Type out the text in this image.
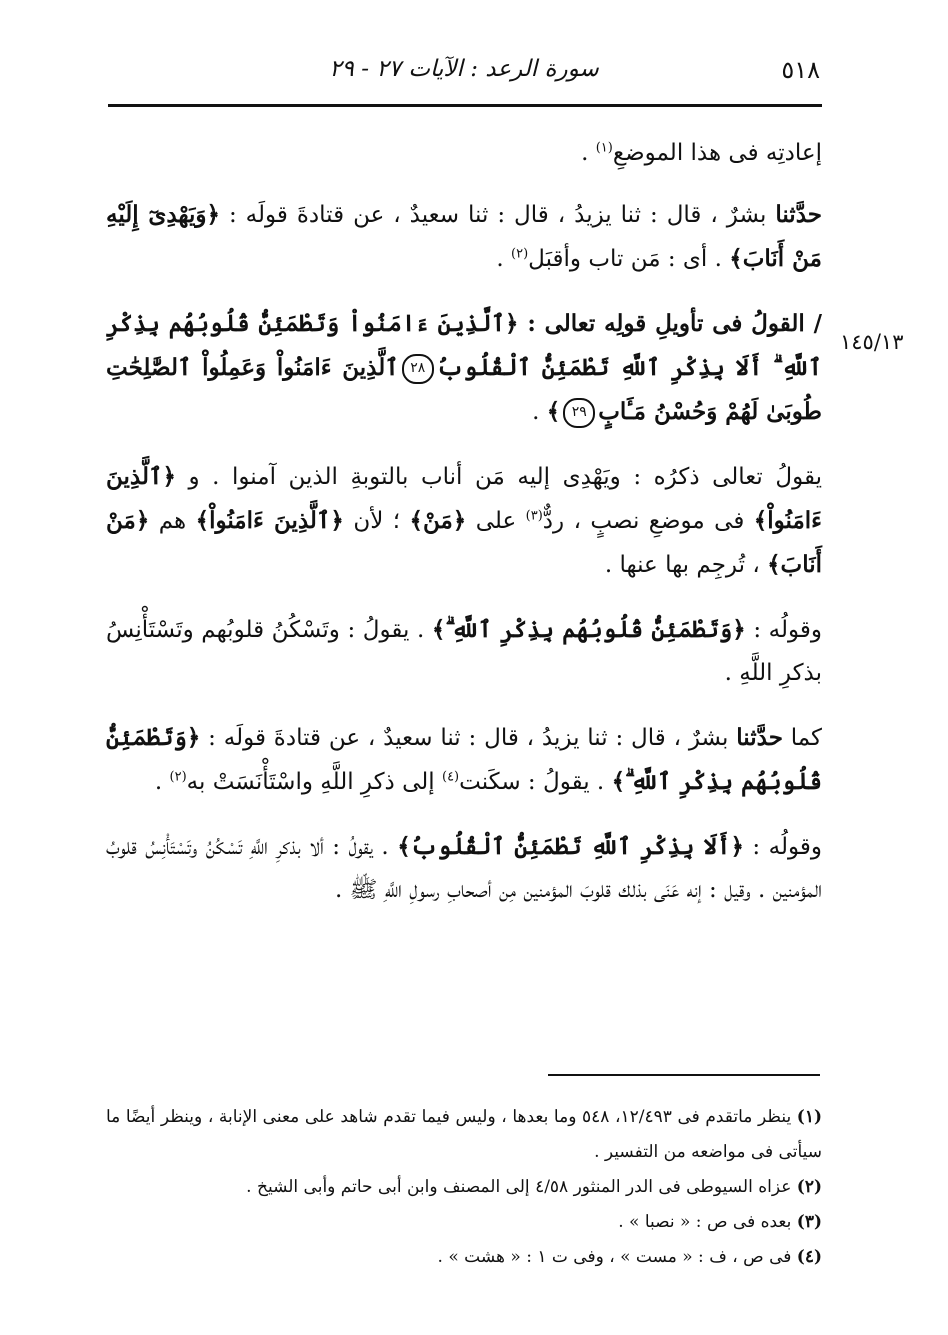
٥١٨
سورة الرعد : الآيات ٢٧ - ٢٩
١٤٥/١٣

إعادتِه فى هذا الموضعِ$^{(١)}$ .

حدَّثنا بشرٌ ، قال : ثنا يزيدُ ، قال : ثنا سعيدٌ ، عن قتادةَ قولَه : ﴿وَيَهْدِىٓ إِلَيْهِ مَنْ أَنَابَ﴾ . أى : مَن تاب وأقبَل$^{(٢)}$ .

/ القولُ فى تأويلِ قولِه تعالى : ﴿ٱلَّذِينَ ءَامَنُواْ وَتَطْمَئِنُّ قُلُوبُهُم بِذِكْرِ ٱللَّهِ ۗ أَلَا بِذِكْرِ ٱللَّهِ تَطْمَئِنُّ ٱلْقُلُوبُ٢٨ٱلَّذِينَ ءَامَنُواْ وَعَمِلُواْ ٱلصَّٰلِحَٰتِ طُوبَىٰ لَهُمْ وَحُسْنُ مَـَٔابٍ٢٩﴾ .

يقولُ تعالى ذكرُه : ويَهْدِى إليه مَن أناب بالتوبةِ الذين آمنوا . و ﴿ٱلَّذِينَ ءَامَنُواْ﴾ فى موضعِ نصبٍ ، ردٌّ$^{(٣)}$ على ﴿مَنْ﴾ ؛ لأن ﴿ٱلَّذِينَ ءَامَنُواْ﴾ هم ﴿مَنْ أَنَابَ﴾ ، تُرجِم بها عنها .

وقولُه : ﴿وَتَطْمَئِنُّ قُلُوبُهُم بِذِكْرِ ٱللَّهِ ۗ﴾ . يقولُ : وتَسْكُنُ قلوبُهم وتَسْتَأْنِسُ بذكرِ اللَّهِ .

كما حدَّثنا بشرٌ ، قال : ثنا يزيدُ ، قال : ثنا سعيدٌ ، عن قتادةَ قولَه : ﴿وَتَطْمَئِنُّ قُلُوبُهُم بِذِكْرِ ٱللَّهِ ۗ﴾ . يقولُ : سكَنت$^{(٤)}$ إلى ذكرِ اللَّهِ واسْتَأْنَسَتْ به$^{(٢)}$ .

وقولُه : ﴿أَلَا بِذِكْرِ ٱللَّهِ تَطْمَئِنُّ ٱلْقُلُوبُ﴾ . يقولُ : ألا بذكرِ اللَّهِ تَسْكُنُ وتَسْتَأْنِسُ قلوبُ المؤمنين . وقيل : إنه عَنَى بذلك قلوبَ المؤمنين مِن أصحابِ رسولِ اللَّهِ ﷺ .

(١) ينظر ماتقدم فى ١٢/٤٩٣، ٥٤٨ وما بعدها ، وليس فيما تقدم شاهد على معنى الإنابة ، وينظر أيضًا ما سيأتى فى مواضعه من التفسير .

(٢) عزاه السيوطى فى الدر المنثور ٤/٥٨ إلى المصنف وابن أبى حاتم وأبى الشيخ .

(٣) بعده فى ص : « نصبا » .

(٤) فى ص ، ف : « مست » ، وفى ت ١ : « هشت » .
